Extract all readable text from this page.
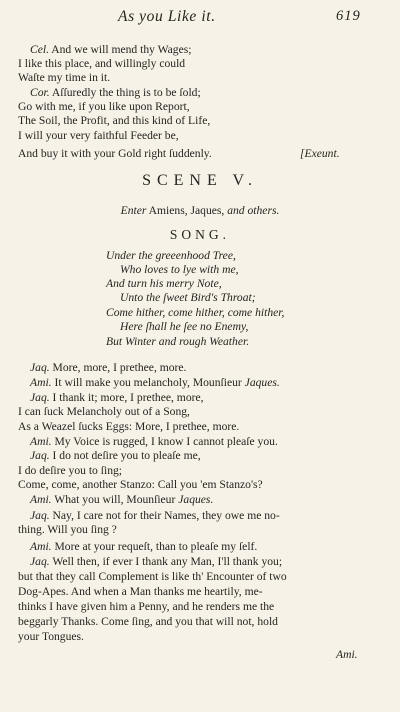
As you Like it.	619
Cel. And we will mend thy Wages;
I like this place, and willingly could
Waſte my time in it.
Cor. Aſſuredly the thing is to be ſold;
Go with me, if you like upon Report,
The Soil, the Profit, and this kind of Life,
I will your very faithful Feeder be,
And buy it with your Gold right ſuddenly.	[Exeunt.
SCENE V.
Enter Amiens, Jaques, and others.
SONG.
Under the greeenhood Tree,
Who loves to lye with me,
And turn his merry Note,
Unto the ſweet Bird's Throat;
Come hither, come hither, come hither,
Here ſhall he ſee no Enemy,
But Winter and rough Weather.
Jaq. More, more, I prethee, more.
Ami. It will make you melancholy, Mounſieur Jaques.
Jaq. I thank it; more, I prethee, more,
I can ſuck Melancholy out of a Song,
As a Weazel ſucks Eggs: More, I prethee, more.
Ami. My Voice is rugged, I know I cannot pleaſe you.
Jaq. I do not deſire you to pleaſe me,
I do deſire you to ſing;
Come, come, another Stanzo: Call you 'em Stanzo's?
Ami. What you will, Mounſieur Jaques.
Jaq. Nay, I care not for their Names, they owe me no-
thing. Will you ſing ?
Ami. More at your requeſt, than to pleaſe my ſelf.
Jaq. Well then, if ever I thank any Man, I'll thank you;
but that they call Complement is like th' Encounter of two
Dog-Apes. And when a Man thanks me heartily, me-
thinks I have given him a Penny, and he renders me the
beggarly Thanks. Come ſing, and you that will not, hold
your Tongues.
Ami.
